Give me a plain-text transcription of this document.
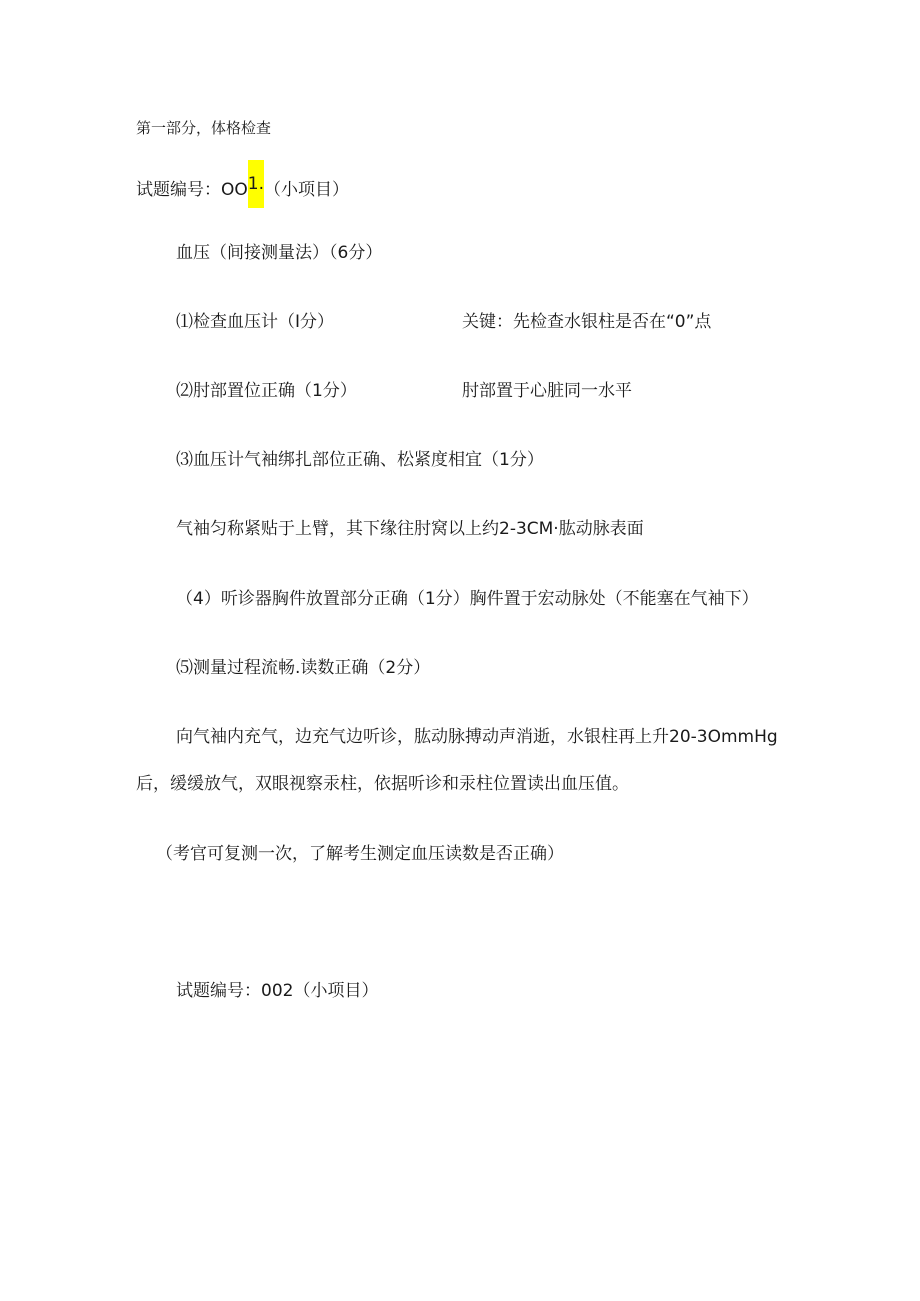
第一部分，体格检查
试题编号：OO1.（小项目）
血压（间接测量法）（6分）
⑴检查血压计（I分）	关键：先检查水银柱是否在“0”点
⑵肘部置位正确（1分）	肘部置于心脏同一水平
⑶血压计气袖绑扎部位正确、松紧度相宜（1分）
气袖匀称紧贴于上臂，其下缘往肘窝以上约2-3CM·肱动脉表面
（4）听诊器胸件放置部分正确（1分）胸件置于宏动脉处（不能塞在气袖下）
⑸测量过程流畅.读数正确（2分）
向气袖内充气，边充气边听诊，肱动脉搏动声消逝，水银柱再上升20-3OmmHg
后，缓缓放气，双眼视察汞柱，依据听诊和汞柱位置读出血压值。
（考官可复测一次，了解考生测定血压读数是否正确）
试题编号：002（小项目）
